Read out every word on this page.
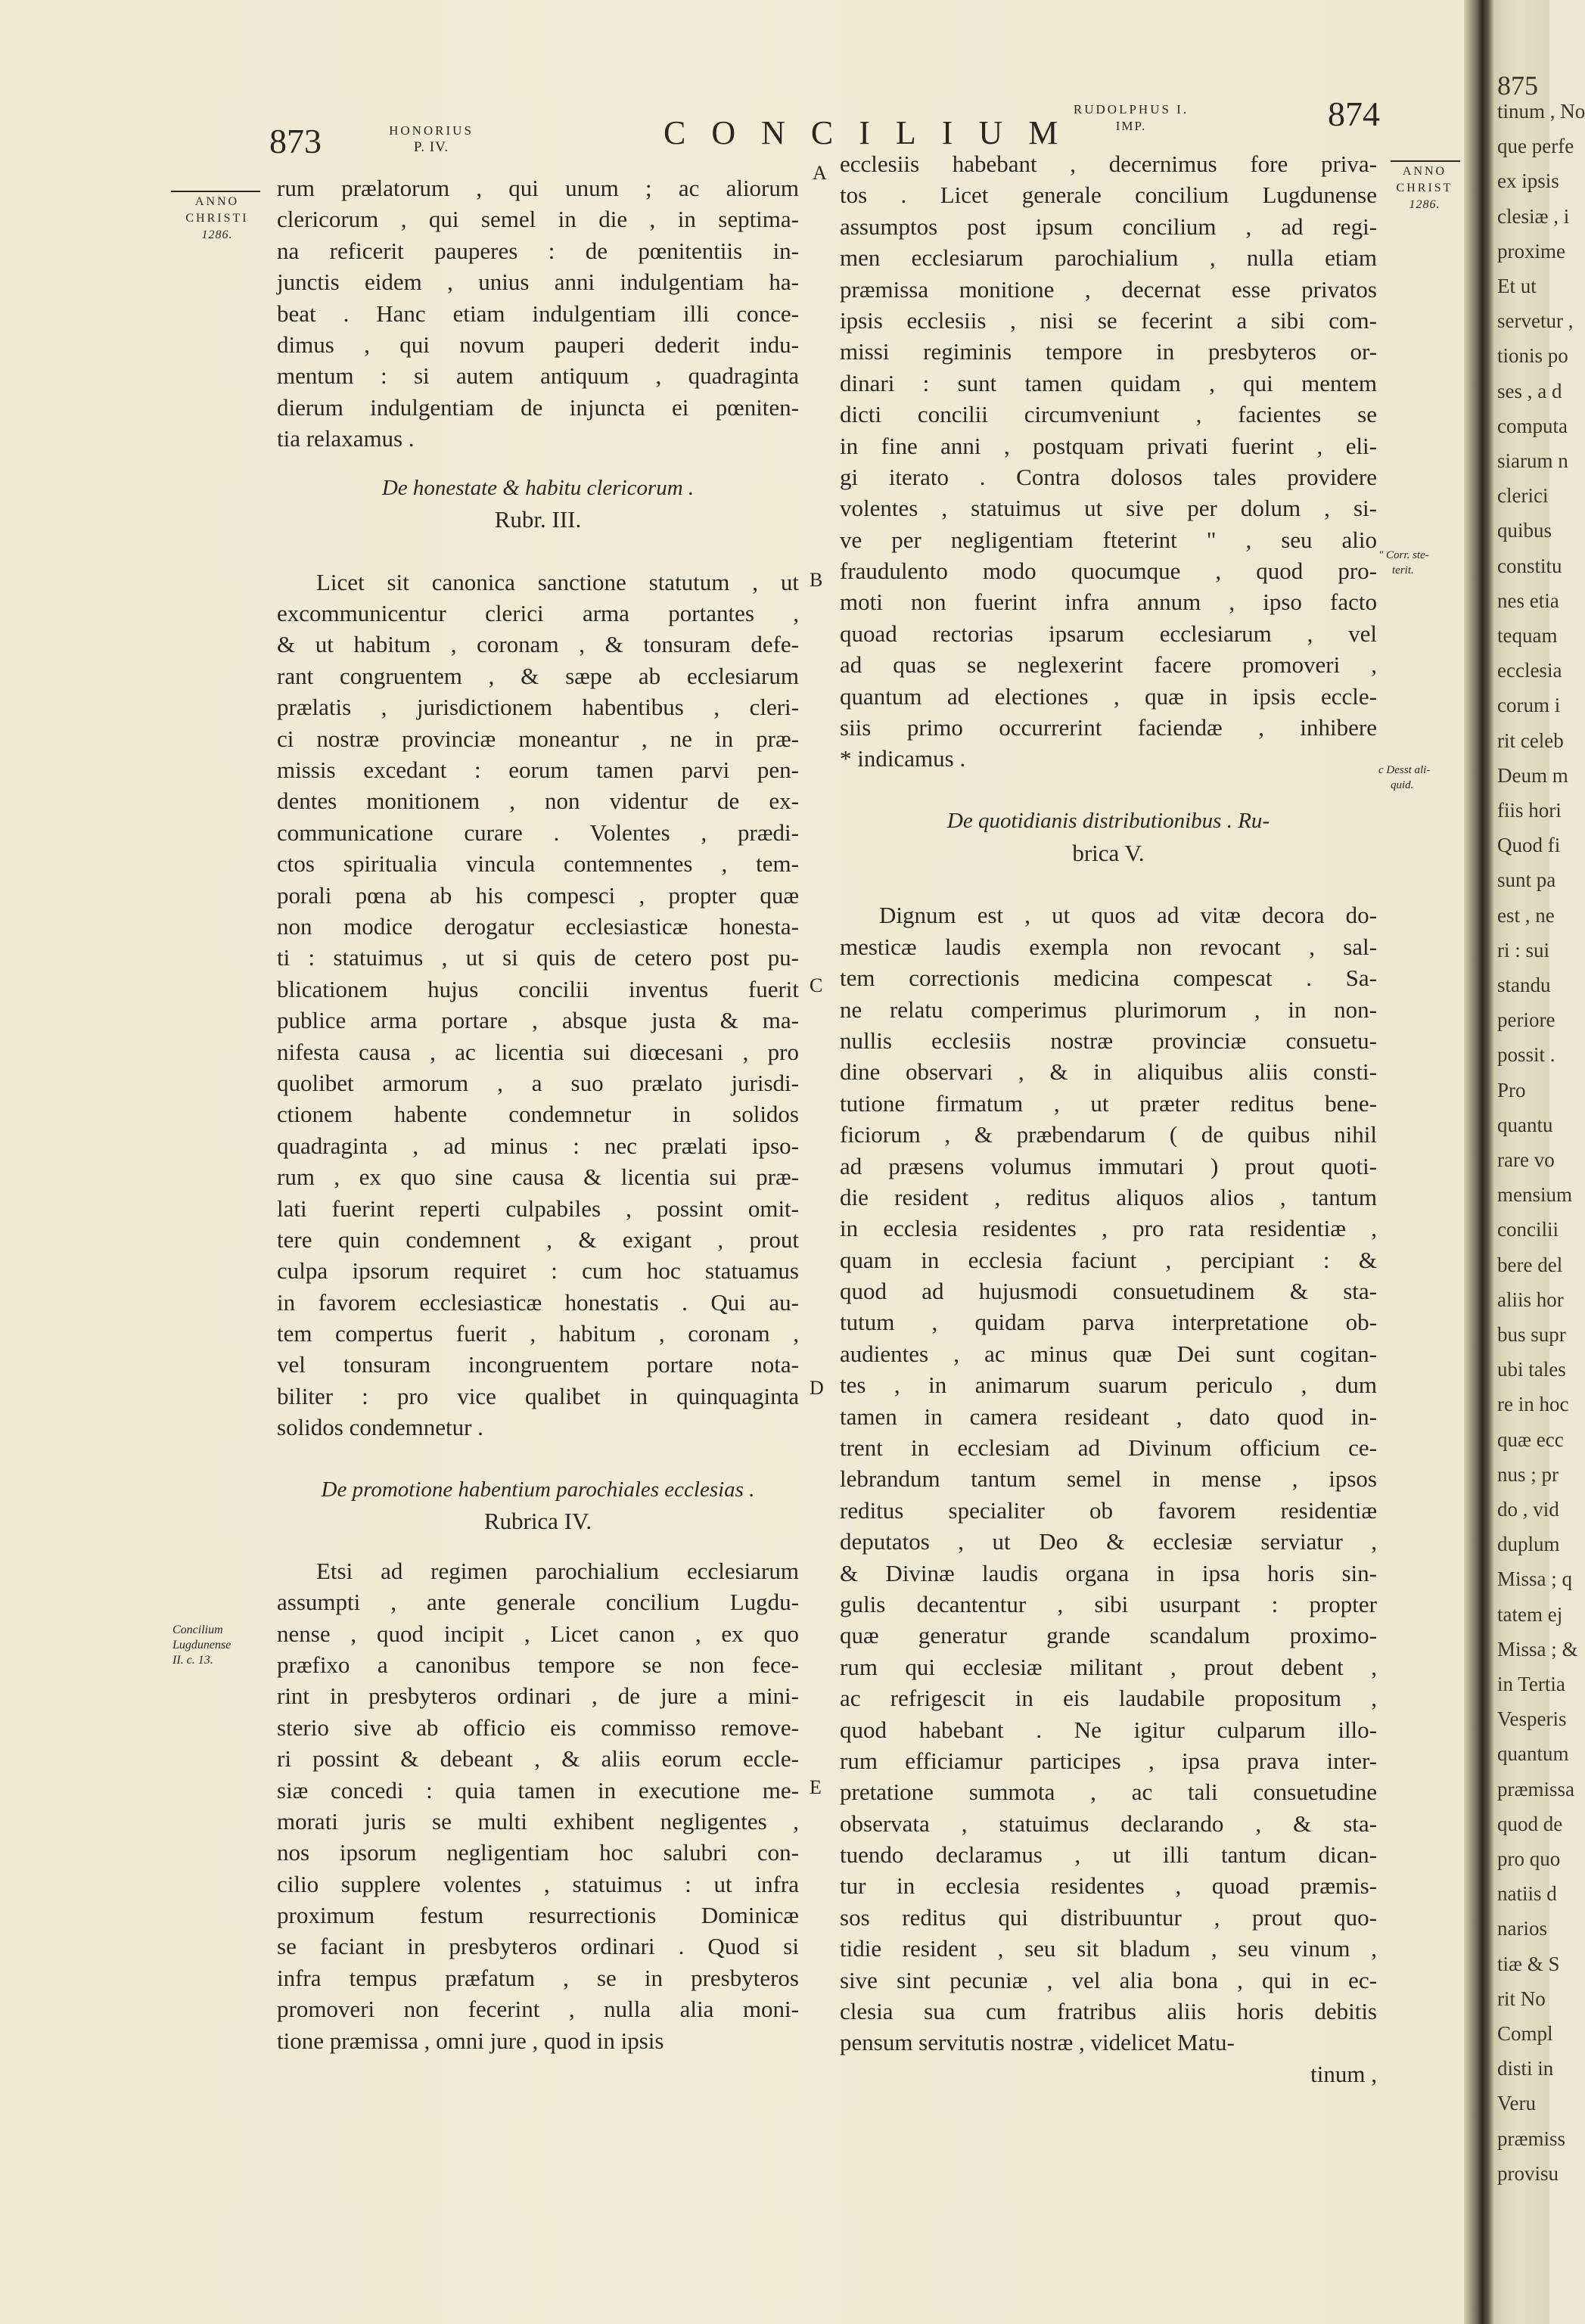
873	HONORIUS
P. IV.	CONCILIUM
RUDOLPHUS I.
IMP.	874
ANNO
CHRISTI
1286.
Concilium
Lugdunense
II. c. 13.
A
B
C
D
E
ANNO
CHRIST
1286.
" Corr. ste-
terit.
c Desst ali-
quid.
rum prælatorum , qui unum ; ac aliorum
clericorum , qui semel in die , in septima-
na reficerit pauperes : de pœnitentiis in-
junctis eidem , unius anni indulgentiam ha-
beat . Hanc etiam indulgentiam illi conce-
dimus , qui novum pauperi dederit indu-
mentum : si autem antiquum , quadraginta
dierum indulgentiam de injuncta ei pœniten-
tia relaxamus .
De honestate & habitu clericorum .
Rubr. III.
Licet sit canonica sanctione statutum , ut
excommunicentur clerici arma portantes ,
& ut habitum , coronam , & tonsuram defe-
rant congruentem , & sæpe ab ecclesiarum
prælatis , jurisdictionem habentibus , cleri-
ci nostræ provinciæ moneantur , ne in præ-
missis excedant : eorum tamen parvi pen-
dentes monitionem , non videntur de ex-
communicatione curare . Volentes , prædi-
ctos spiritualia vincula contemnentes , tem-
porali pœna ab his compesci , propter quæ
non modice derogatur ecclesiasticæ honesta-
ti : statuimus , ut si quis de cetero post pu-
blicationem hujus concilii inventus fuerit
publice arma portare , absque justa & ma-
nifesta causa , ac licentia sui diœcesani , pro
quolibet armorum , a suo prælato jurisdi-
ctionem habente condemnetur in solidos
quadraginta , ad minus : nec prælati ipso-
rum , ex quo sine causa & licentia sui præ-
lati fuerint reperti culpabiles , possint omit-
tere quin condemnent , & exigant , prout
culpa ipsorum requiret : cum hoc statuamus
in favorem ecclesiasticæ honestatis . Qui au-
tem compertus fuerit , habitum , coronam ,
vel tonsuram incongruentem portare nota-
biliter : pro vice qualibet in quinquaginta
solidos condemnetur .
De promotione habentium parochiales ecclesias .
Rubrica IV.
Etsi ad regimen parochialium ecclesiarum
assumpti , ante generale concilium Lugdu-
nense , quod incipit , Licet canon , ex quo
præfixo a canonibus tempore se non fece-
rint in presbyteros ordinari , de jure a mini-
sterio sive ab officio eis commisso remove-
ri possint & debeant , & aliis eorum eccle-
siæ concedi : quia tamen in executione me-
morati juris se multi exhibent negligentes ,
nos ipsorum negligentiam hoc salubri con-
cilio supplere volentes , statuimus : ut infra
proximum festum resurrectionis Dominicæ
se faciant in presbyteros ordinari . Quod si
infra tempus præfatum , se in presbyteros
promoveri non fecerint , nulla alia moni-
tione præmissa , omni jure , quod in ipsis
ecclesiis habebant , decernimus fore priva-
tos . Licet generale concilium Lugdunense
assumptos post ipsum concilium , ad regi-
men ecclesiarum parochialium , nulla etiam
præmissa monitione , decernat esse privatos
ipsis ecclesiis , nisi se fecerint a sibi com-
missi regiminis tempore in presbyteros or-
dinari : sunt tamen quidam , qui mentem
dicti concilii circumveniunt , facientes se
in fine anni , postquam privati fuerint , eli-
gi iterato . Contra dolosos tales providere
volentes , statuimus ut sive per dolum , si-
ve per negligentiam fteterint " , seu alio
fraudulento modo quocumque , quod pro-
moti non fuerint infra annum , ipso facto
quoad rectorias ipsarum ecclesiarum , vel
ad quas se neglexerint facere promoveri ,
quantum ad electiones , quæ in ipsis eccle-
siis primo occurrerint faciendæ , inhibere
* indicamus .
De quotidianis distributionibus . Ru-
brica V.
Dignum est , ut quos ad vitæ decora do-
mesticæ laudis exempla non revocant , sal-
tem correctionis medicina compescat . Sa-
ne relatu comperimus plurimorum , in non-
nullis ecclesiis nostræ provinciæ consuetu-
dine observari , & in aliquibus aliis consti-
tutione firmatum , ut præter reditus bene-
ficiorum , & præbendarum ( de quibus nihil
ad præsens volumus immutari ) prout quoti-
die resident , reditus aliquos alios , tantum
in ecclesia residentes , pro rata residentiæ ,
quam in ecclesia faciunt , percipiant : &
quod ad hujusmodi consuetudinem & sta-
tutum , quidam parva interpretatione ob-
audientes , ac minus quæ Dei sunt cogitan-
tes , in animarum suarum periculo , dum
tamen in camera resideant , dato quod in-
trent in ecclesiam ad Divinum officium ce-
lebrandum tantum semel in mense , ipsos
reditus specialiter ob favorem residentiæ
deputatos , ut Deo & ecclesiæ serviatur ,
& Divinæ laudis organa in ipsa horis sin-
gulis decantentur , sibi usurpant : propter
quæ generatur grande scandalum proximo-
rum qui ecclesiæ militant , prout debent ,
ac refrigescit in eis laudabile propositum ,
quod habebant . Ne igitur culparum illo-
rum efficiamur participes , ipsa prava inter-
pretatione summota , ac tali consuetudine
observata , statuimus declarando , & sta-
tuendo declaramus , ut illi tantum dican-
tur in ecclesia residentes , quoad præmis-
sos reditus qui distribuuntur , prout quo-
tidie resident , seu sit bladum , seu vinum ,
sive sint pecuniæ , vel alia bona , qui in ec-
clesia sua cum fratribus aliis horis debitis
pensum servitutis nostræ , videlicet Matu-
tinum ,
875
tinum , No
que perfe
ex ipsis
clesiæ , i
proxime
Et ut
servetur ,
tionis po
ses , a d
computa
siarum n
clerici
quibus
constitu
nes etia
tequam
ecclesia
corum i
rit celeb
Deum m
fiis hori
Quod fi
sunt pa
est , ne
ri : sui
standu
periore
possit .
Pro
quantu
rare vo
mensium
concilii
bere del
aliis hor
bus supr
ubi tales
re in hoc
quæ ecc
nus ; pr
do , vid
duplum
Missa ; q
tatem ej
Missa ; &
in Tertia
Vesperis
quantum
præmissa
quod de
pro quo
natiis d
narios
tiæ & S
rit No
Compl
disti in
Veru
præmiss
provisu
